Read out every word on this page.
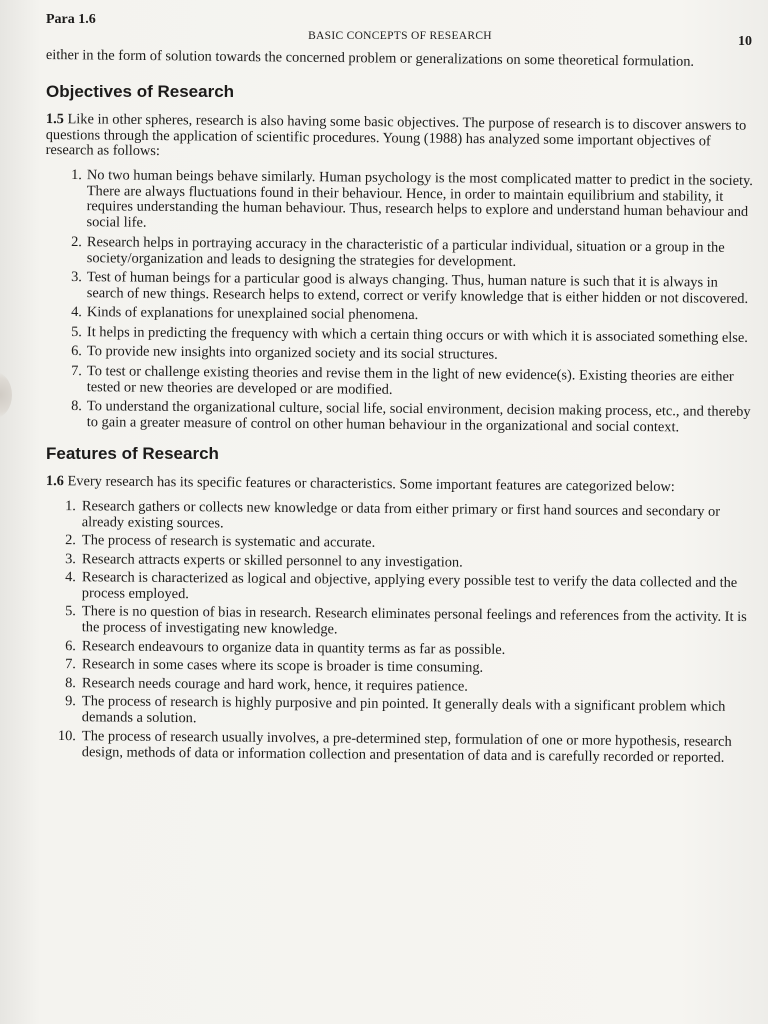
Para 1.6
BASIC CONCEPTS OF RESEARCH	10

either in the form of solution towards the concerned problem or generalizations on some theoretical formulation.

Objectives of Research

1.5 Like in other spheres, research is also having some basic objectives. The purpose of research is to discover answers to questions through the application of scientific procedures. Young (1988) has analyzed some important objectives of research as follows:

1. No two human beings behave similarly. Human psychology is the most complicated matter to predict in the society. There are always fluctuations found in their behaviour. Hence, in order to maintain equilibrium and stability, it requires understanding the human behaviour. Thus, research helps to explore and understand human behaviour and social life.
2. Research helps in portraying accuracy in the characteristic of a particular individual, situation or a group in the society/organization and leads to designing the strategies for development.
3. Test of human beings for a particular good is always changing. Thus, human nature is such that it is always in search of new things. Research helps to extend, correct or verify knowledge that is either hidden or not discovered.
4. Kinds of explanations for unexplained social phenomena.
5. It helps in predicting the frequency with which a certain thing occurs or with which it is associated something else.
6. To provide new insights into organized society and its social structures.
7. To test or challenge existing theories and revise them in the light of new evidence(s). Existing theories are either tested or new theories are developed or are modified.
8. To understand the organizational culture, social life, social environment, decision making process, etc., and thereby to gain a greater measure of control on other human behaviour in the organizational and social context.
Features of Research

1.6 Every research has its specific features or characteristics. Some important features are categorized below:

1. Research gathers or collects new knowledge or data from either primary or first hand sources and secondary or already existing sources.
2. The process of research is systematic and accurate.
3. Research attracts experts or skilled personnel to any investigation.
4. Research is characterized as logical and objective, applying every possible test to verify the data collected and the process employed.
5. There is no question of bias in research. Research eliminates personal feelings and references from the activity. It is the process of investigating new knowledge.
6. Research endeavours to organize data in quantity terms as far as possible.
7. Research in some cases where its scope is broader is time consuming.
8. Research needs courage and hard work, hence, it requires patience.
9. The process of research is highly purposive and pin pointed. It generally deals with a significant problem which demands a solution.
10. The process of research usually involves, a pre-determined step, formulation of one or more hypothesis, research design, methods of data or information collection and presentation of data and is carefully recorded or reported.
